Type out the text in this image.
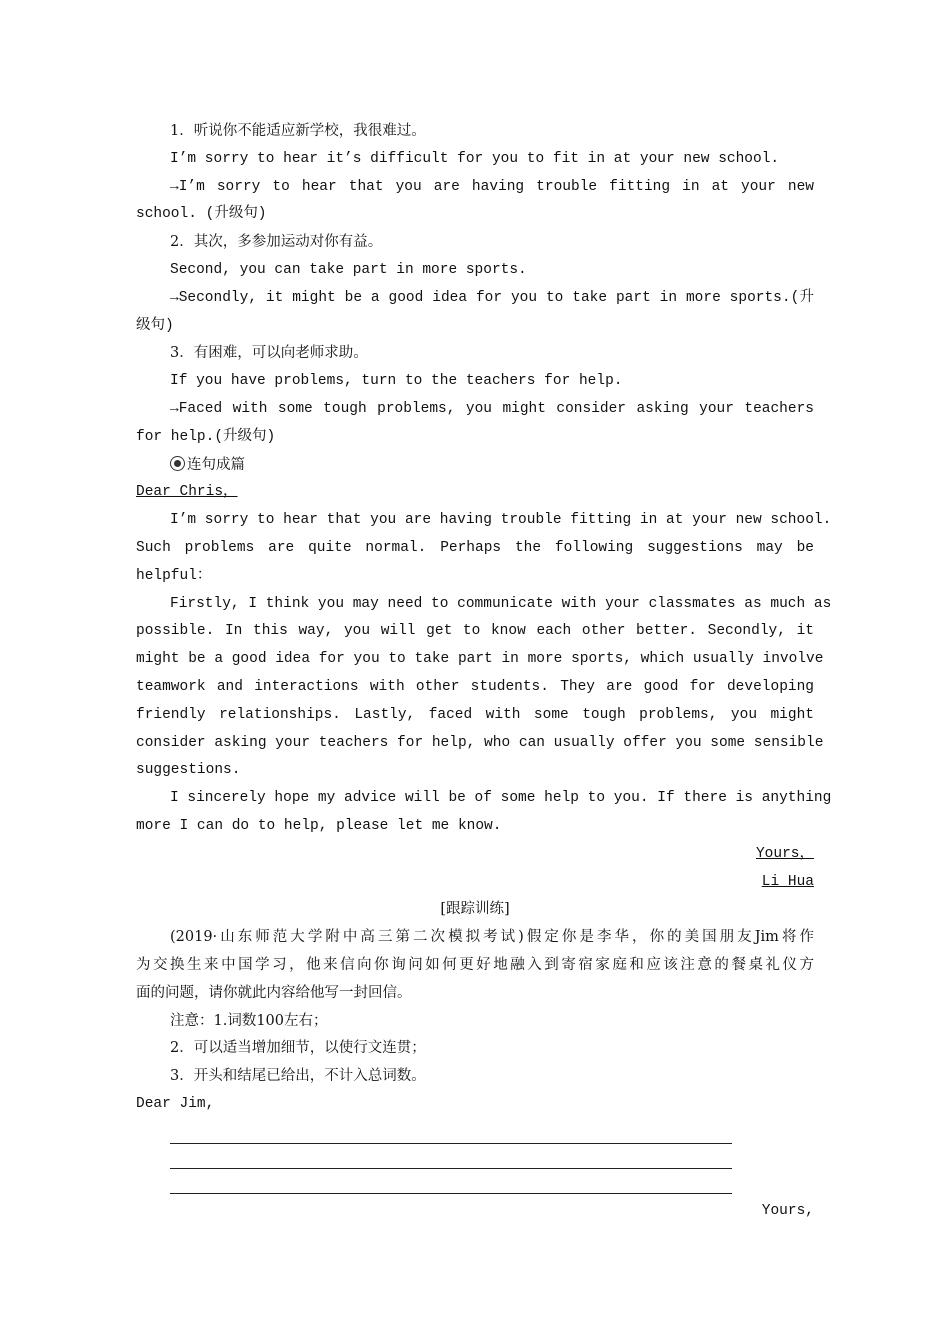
1．听说你不能适应新学校，我很难过。
I’m sorry to hear it’s difficult for you to fit in at your new school.
→I’m sorry to hear that you are having trouble fitting in at your new
school. (升级句)
2．其次，多参加运动对你有益。
Second, you can take part in more sports.
→Secondly, it might be a good idea for you to take part in more sports.(升
级句)
3．有困难，可以向老师求助。
If you have problems, turn to the teachers for help.
→Faced with some tough problems, you might consider asking your teachers
for help.(升级句)
连句成篇
Dear Chris，
I’m sorry to hear that you are having trouble fitting in at your new school.
Such problems are quite normal. Perhaps the following suggestions may be
helpful：
Firstly, I think you may need to communicate with your classmates as much as
possible. In this way, you will get to know each other better. Secondly, it
might be a good idea for you to take part in more sports, which usually involve
teamwork and interactions with other students. They are good for developing
friendly relationships. Lastly, faced with some tough problems, you might
consider asking your teachers for help, who can usually offer you some sensible
suggestions.
I sincerely hope my advice will be of some help to you. If there is anything
more I can do to help, please let me know.
Yours，
Li Hua
[跟踪训练]
(2019·山东师范大学附中高三第二次模拟考试)假定你是李华，你的美国朋友Jim将作
为交换生来中国学习，他来信向你询问如何更好地融入到寄宿家庭和应该注意的餐桌礼仪方
面的问题，请你就此内容给他写一封回信。
注意：1.词数100左右；
2．可以适当增加细节，以使行文连贯；
3．开头和结尾已给出，不计入总词数。
Dear Jim,
Yours,
